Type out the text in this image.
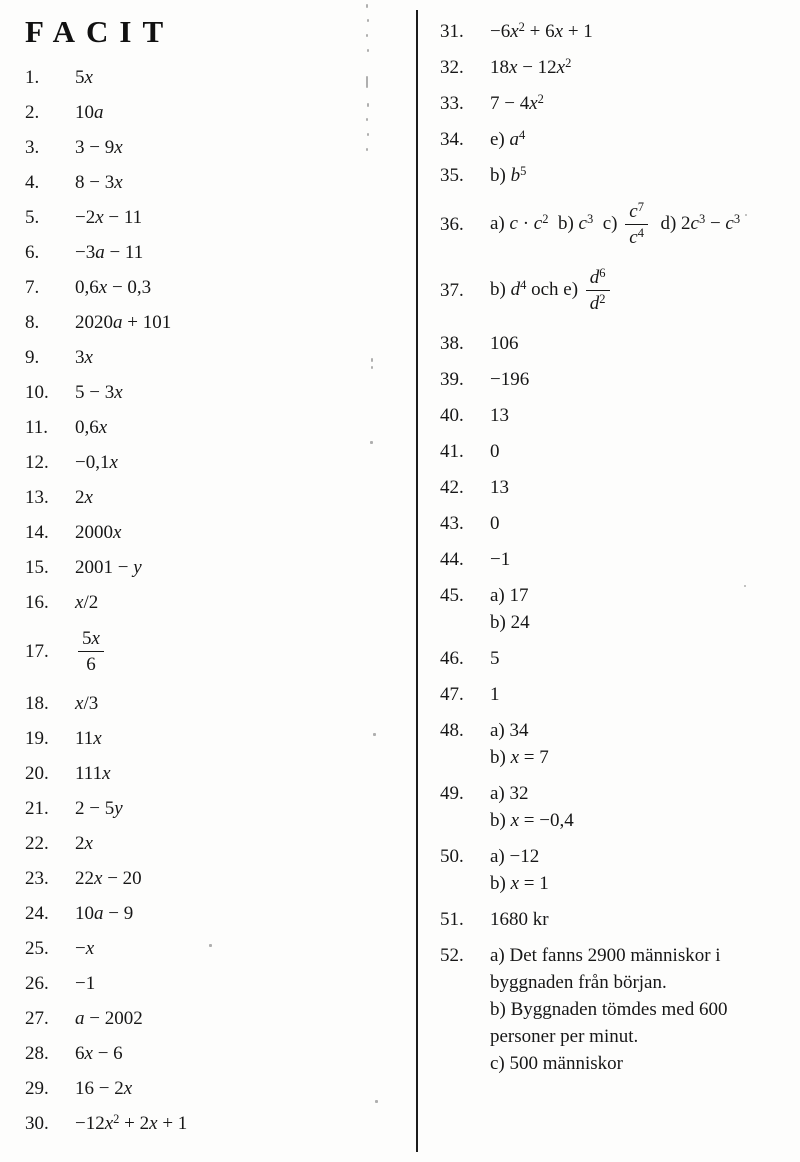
FACIT
1.	5x
2.	10a
3.	3 − 9x
4.	8 − 3x
5.	−2x − 11
6.	−3a − 11
7.	0,6x − 0,3
8.	2020a + 101
9.	3x
10.	5 − 3x
11.	0,6x
12.	−0,1x
13.	2x
14.	2000x
15.	2001 − y
16.	x/2
17.	$\frac{5x}{6}$
18.	x/3
19.	11x
20.	111x
21.	2 − 5y
22.	2x
23.	22x − 20
24.	10a − 9
25.	−x
26.	−1
27.	a − 2002
28.	6x − 6
29.	16 − 2x
30.	$-12x^2 + 2x + 1$
31.	$-6x^2 + 6x + 1$
32.	$18x - 12x^2$
33.	$7 - 4x^2$
34.	e) $a^4$
35.	b) $b^5$
36.	a) $c \cdot c^2$  b) $c^3$  $c) \frac{c^7}{c^4} d$) $2c^3 - c^3$
37.	b) $d^4$ och $e) \frac{d^6}{d^2}$
38.	106
39.	−196
40.	13
41.	0
42.	13
43.	0
44.	−1
45.	a) 17
b) 24
46.	5
47.	1
48.	a) 34
b) x = 7
49.	a) 32
b) x = −0,4
50.	a) −12
b) x = 1
51.	1680 kr
52.	a) Det fanns 2900 människor i
byggnaden från början.
b) Byggnaden tömdes med 600
personer per minut.
c) 500 människor
